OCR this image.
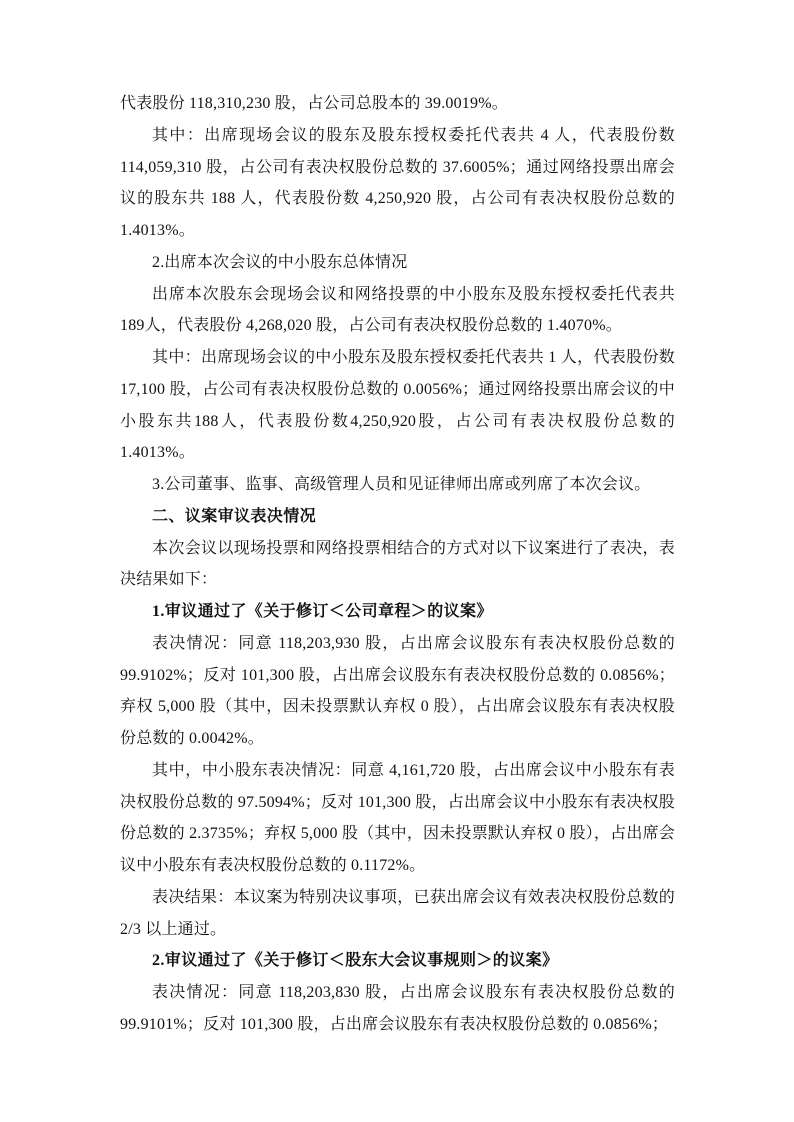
代表股份 118,310,230 股，占公司总股本的 39.0019%。

其中：出席现场会议的股东及股东授权委托代表共 4 人，代表股份数 114,059,310 股，占公司有表决权股份总数的 37.6005%；通过网络投票出席会议的股东共 188 人，代表股份数 4,250,920 股，占公司有表决权股份总数的 1.4013%。

2.出席本次会议的中小股东总体情况

出席本次股东会现场会议和网络投票的中小股东及股东授权委托代表共189人，代表股份 4,268,020 股，占公司有表决权股份总数的 1.4070%。

其中：出席现场会议的中小股东及股东授权委托代表共 1 人，代表股份数 17,100 股，占公司有表决权股份总数的 0.0056%；通过网络投票出席会议的中小股东共188人，代表股份数4,250,920股，占公司有表决权股份总数的1.4013%。

3.公司董事、监事、高级管理人员和见证律师出席或列席了本次会议。

二、议案审议表决情况

本次会议以现场投票和网络投票相结合的方式对以下议案进行了表决，表决结果如下：

1.审议通过了《关于修订＜公司章程＞的议案》

表决情况：同意 118,203,930 股，占出席会议股东有表决权股份总数的 99.9102%；反对 101,300 股，占出席会议股东有表决权股份总数的 0.0856%；弃权 5,000 股（其中，因未投票默认弃权 0 股），占出席会议股东有表决权股份总数的 0.0042%。

其中，中小股东表决情况：同意 4,161,720 股，占出席会议中小股东有表决权股份总数的 97.5094%；反对 101,300 股，占出席会议中小股东有表决权股份总数的 2.3735%；弃权 5,000 股（其中，因未投票默认弃权 0 股），占出席会议中小股东有表决权股份总数的 0.1172%。

表决结果：本议案为特别决议事项，已获出席会议有效表决权股份总数的 2/3 以上通过。

2.审议通过了《关于修订＜股东大会议事规则＞的议案》

表决情况：同意 118,203,830 股，占出席会议股东有表决权股份总数的 99.9101%；反对 101,300 股，占出席会议股东有表决权股份总数的 0.0856%；
